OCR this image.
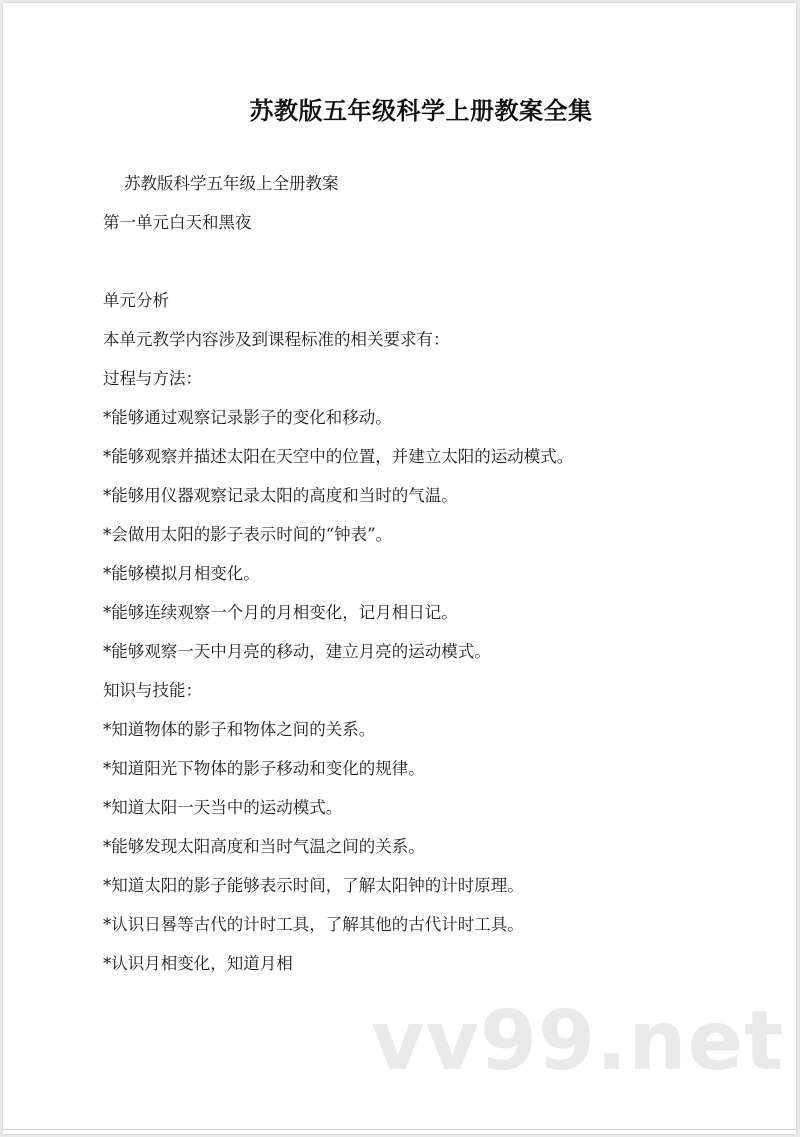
苏教版五年级科学上册教案全集
苏教版科学五年级上全册教案
第一单元白天和黑夜
单元分析
本单元教学内容涉及到课程标准的相关要求有：
过程与方法：
*能够通过观察记录影子的变化和移动。
*能够观察并描述太阳在天空中的位置，并建立太阳的运动模式。
*能够用仪器观察记录太阳的高度和当时的气温。
*会做用太阳的影子表示时间的“钟表”。
*能够模拟月相变化。
*能够连续观察一个月的月相变化，记月相日记。
*能够观察一天中月亮的移动，建立月亮的运动模式。
知识与技能：
*知道物体的影子和物体之间的关系。
*知道阳光下物体的影子移动和变化的规律。
*知道太阳一天当中的运动模式。
*能够发现太阳高度和当时气温之间的关系。
*知道太阳的影子能够表示时间，了解太阳钟的计时原理。
*认识日晷等古代的计时工具，了解其他的古代计时工具。
*认识月相变化，知道月相
vv99.net
